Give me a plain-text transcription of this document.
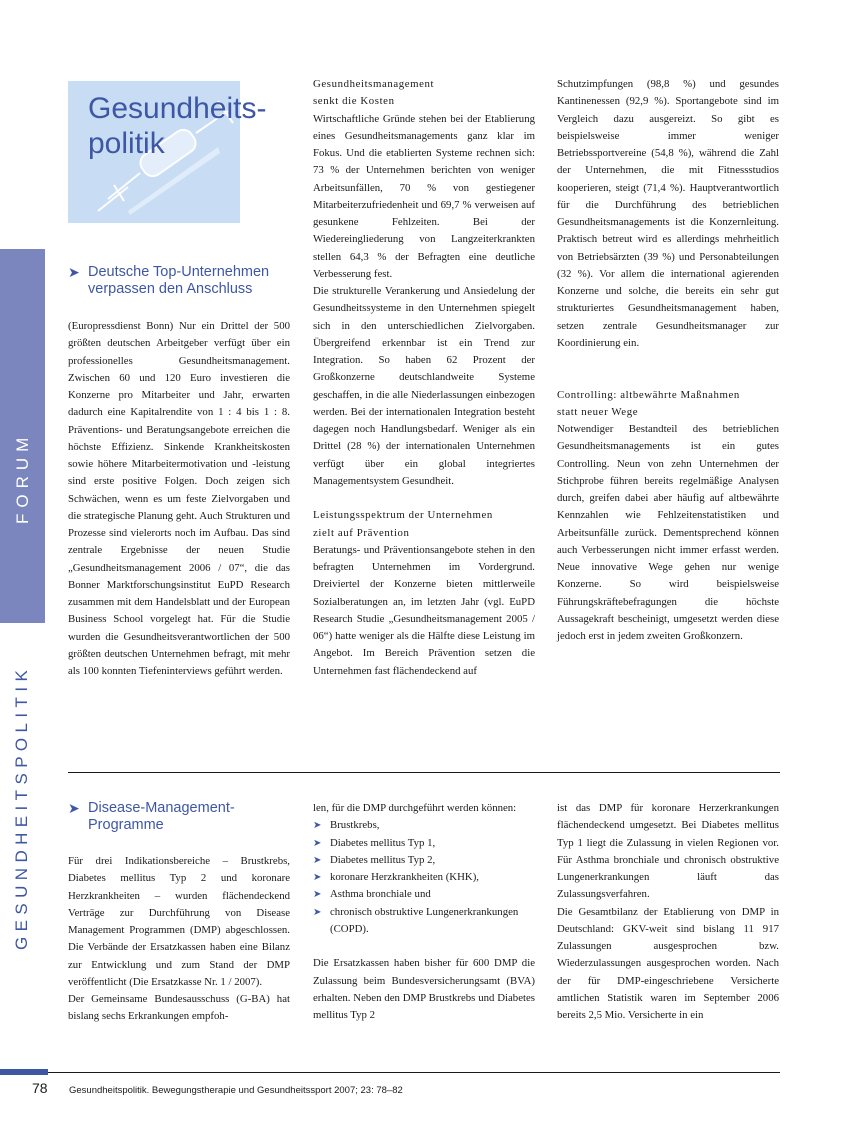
GESUNDHEITSPOLITIK
Gesundheits-
politik
➤ Deutsche Top-Unternehmen
verpassen den Anschluss

(Europressdienst Bonn) Nur ein Drittel der 500 größten deutschen Arbeitgeber verfügt über ein professionelles Gesundheitsmanagement. Zwischen 60 und 120 Euro investieren die Konzerne pro Mitarbeiter und Jahr, erwarten dadurch eine Kapitalrendite von 1 : 4 bis 1 : 8. Präventions- und Beratungsangebote erreichen die höchste Effizienz. Sinkende Krankheitskosten sowie höhere Mitarbeitermotivation und -leistung sind erste positive Folgen. Doch zeigen sich Schwächen, wenn es um feste Zielvorgaben und die strategische Planung geht. Auch Strukturen und Prozesse sind vielerorts noch im Aufbau. Das sind zentrale Ergebnisse der neuen Studie „Gesundheitsmanagement 2006 / 07“, die das Bonner Marktforschungsinstitut EuPD Research zusammen mit dem Handelsblatt und der European Business School vorgelegt hat. Für die Studie wurden die Gesundheitsverantwortlichen der 500 größten deutschen Unternehmen befragt, mit mehr als 100 konnten Tiefeninterviews geführt werden.

Gesundheitsmanagement

senkt die Kosten

Wirtschaftliche Gründe stehen bei der Etablierung eines Gesundheitsmanagements ganz klar im Fokus. Und die etablierten Systeme rechnen sich: 73 % der Unternehmen berichten von weniger Arbeitsunfällen, 70 % von gestiegener Mitarbeiterzufriedenheit und 69,7 % verweisen auf gesunkene Fehlzeiten. Bei der Wiedereingliederung von Langzeiterkrankten stellen 64,3 % der Befragten eine deutliche Verbesserung fest.

Die strukturelle Verankerung und Ansiedelung der Gesundheitssysteme in den Unternehmen spiegelt sich in den unterschiedlichen Zielvorgaben. Übergreifend erkennbar ist ein Trend zur Integration. So haben 62 Prozent der Großkonzerne deutschlandweite Systeme geschaffen, in die alle Niederlassungen einbezogen werden. Bei der internationalen Integration besteht dagegen noch Handlungsbedarf. Weniger als ein Drittel (28 %) der internationalen Unternehmen verfügt über ein global integriertes Managementsystem Gesundheit.

Leistungsspektrum der Unternehmen

zielt auf Prävention

Beratungs- und Präventionsangebote stehen in den befragten Unternehmen im Vordergrund. Dreiviertel der Konzerne bieten mittlerweile Sozialberatungen an, im letzten Jahr (vgl. EuPD Research Studie „Gesundheitsmanagement 2005 / 06“) hatte weniger als die Hälfte diese Leistung im Angebot. Im Bereich Prävention setzen die Unternehmen fast flächendeckend auf

Schutzimpfungen (98,8 %) und gesundes Kantinenessen (92,9 %). Sportangebote sind im Vergleich dazu ausgereizt. So gibt es beispielsweise immer weniger Betriebssportvereine (54,8 %), während die Zahl der Unternehmen, die mit Fitnessstudios kooperieren, steigt (71,4 %). Hauptverantwortlich für die Durchführung des betrieblichen Gesundheitsmanagements ist die Konzernleitung. Praktisch betreut wird es allerdings mehrheitlich von Betriebsärzten (39 %) und Personabteilungen (32 %). Vor allem die international agierenden Konzerne und solche, die bereits ein sehr gut strukturiertes Gesundheitsmanagement haben, setzen zentrale Gesundheitsmanager zur Koordinierung ein.

Controlling: altbewährte Maßnahmen

statt neuer Wege

Notwendiger Bestandteil des betrieblichen Gesundheitsmanagements ist ein gutes Controlling. Neun von zehn Unternehmen der Stichprobe führen bereits regelmäßige Analysen durch, greifen dabei aber häufig auf altbewährte Kennzahlen wie Fehlzeitenstatistiken und Arbeitsunfälle zurück. Dementsprechend können auch Verbesserungen nicht immer erfasst werden. Neue innovative Wege gehen nur wenige Konzerne. So wird beispielsweise Führungskräftebefragungen die höchste Aussagekraft bescheinigt, umgesetzt werden diese jedoch erst in jedem zweiten Großkonzern.

➤ Disease-Management-
Programme

Für drei Indikationsbereiche – Brustkrebs, Diabetes mellitus Typ 2 und koronare Herzkrankheiten – wurden flächendeckend Verträge zur Durchführung von Disease Management Programmen (DMP) abgeschlossen. Die Verbände der Ersatzkassen haben eine Bilanz zur Entwicklung und zum Stand der DMP veröffentlicht (Die Ersatzkasse Nr. 1 / 2007).

Der Gemeinsame Bundesausschuss (G-BA) hat bislang sechs Erkrankungen empfoh-

len, für die DMP durchgeführt werden können:

➤ Brustkrebs,
➤ Diabetes mellitus Typ 1,
➤ Diabetes mellitus Typ 2,
➤ koronare Herzkrankheiten (KHK),
➤ Asthma bronchiale und
➤ chronisch obstruktive Lungenerkrankungen (COPD).

Die Ersatzkassen haben bisher für 600 DMP die Zulassung beim Bundesversicherungsamt (BVA) erhalten. Neben den DMP Brustkrebs und Diabetes mellitus Typ 2

ist das DMP für koronare Herzerkrankungen flächendeckend umgesetzt. Bei Diabetes mellitus Typ 1 liegt die Zulassung in vielen Regionen vor. Für Asthma bronchiale und chronisch obstruktive Lungenerkrankungen läuft das Zulassungsverfahren.

Die Gesamtbilanz der Etablierung von DMP in Deutschland: GKV-weit sind bislang 11 917 Zulassungen ausgesprochen bzw. Wiederzulassungen ausgesprochen worden. Nach der für DMP-eingeschriebene Versicherte amtlichen Statistik waren im September 2006 bereits 2,5 Mio. Versicherte in ein

78 Gesundheitspolitik. Bewegungstherapie und Gesundheitssport 2007; 23: 78–82
